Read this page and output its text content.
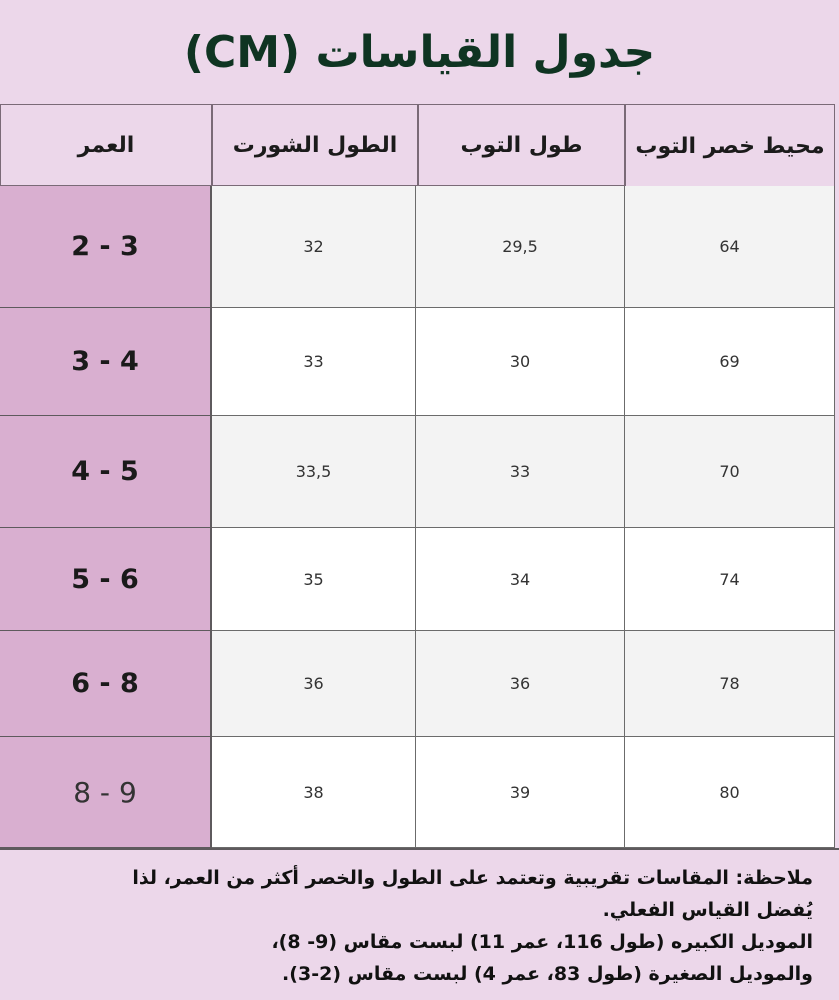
جدول القياسات (CM)
العمر	الطول الشورت	طول التوب	محيط خصر التوب
2 - 3	32	29,5	64
3 - 4	33	30	69
4 - 5	33,5	33	70
5 - 6	35	34	74
6 - 8	36	36	78
8 - 9	38	39	80

ملاحظة: المقاسات تقريبية وتعتمد على الطول والخصر أكثر من العمر، لذا

يُفضل القياس الفعلي.

الموديل الكبيره (طول 116، عمر 11) لبست مقاس (9- 8)،

والموديل الصغيرة (طول 83، عمر 4) لبست مقاس (2-3).
